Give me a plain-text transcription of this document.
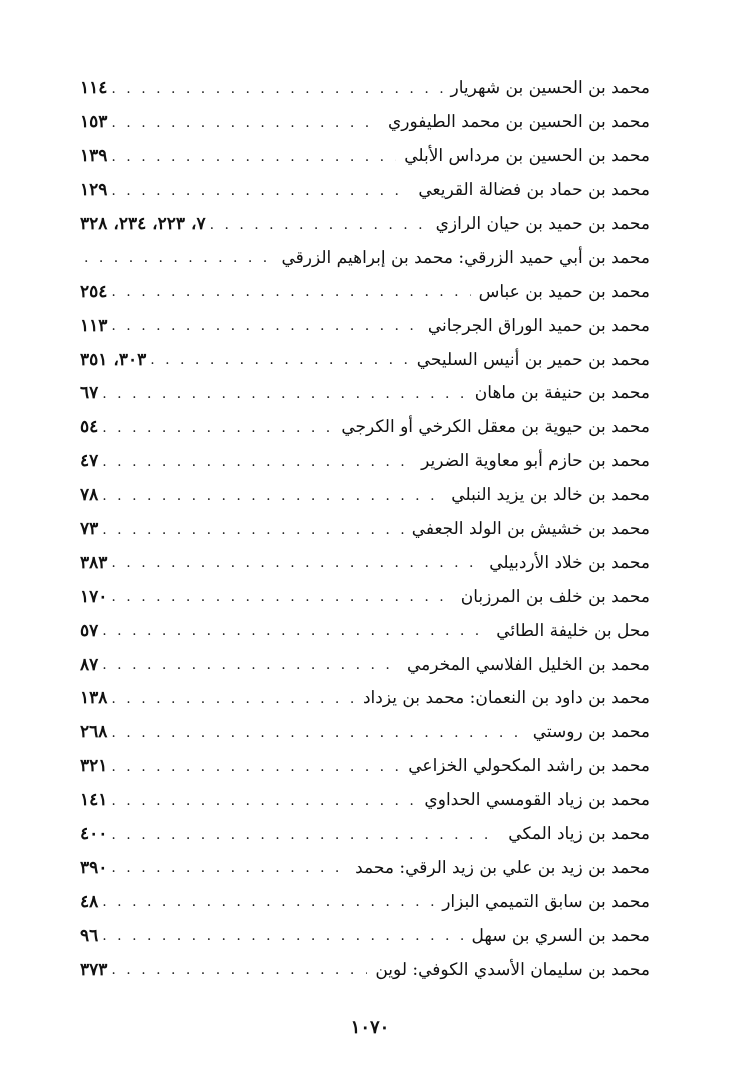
محمد بن الحسين بن شهريار
. . .
١١٤
محمد بن الحسين بن محمد الطيفوري
. . .
١٥٣
محمد بن الحسين بن مرداس الأبلي
. . .
١٣٩
محمد بن حماد بن فضالة القريعي
. . .
١٢٩
محمد بن حميد بن حيان الرازي
. . .
٧، ٢٢٣، ٢٣٤، ٣٢٨
محمد بن أبي حميد الزرقي: محمد بن إبراهيم الزرقي
. . .
محمد بن حميد بن عباس
. . .
٢٥٤
محمد بن حميد الوراق الجرجاني
. . .
١١٣
محمد بن حمير بن أنيس السليحي
. . .
٣٠٣، ٣٥١
محمد بن حنيفة بن ماهان
. . .
٦٧
محمد بن حيوية بن معقل الكرخي أو الكرجي
. . .
٥٤
محمد بن حازم أبو معاوية الضرير
. . .
٤٧
محمد بن خالد بن يزيد النبلي
. . .
٧٨
محمد بن خشيش بن الولد الجعفي
. . .
٧٣
محمد بن خلاد الأردبيلي
. . .
٣٨٣
محمد بن خلف بن المرزبان
. . .
١٧٠
محل بن خليفة الطائي
. . .
٥٧
محمد بن الخليل الفلاسي المخرمي
. . .
٨٧
محمد بن داود بن النعمان: محمد بن يزداد
. . .
١٣٨
محمد بن روستي
. . .
٢٦٨
محمد بن راشد المكحولي الخزاعي
. . .
٣٢١
محمد بن زياد القومسي الحداوي
. . .
١٤١
محمد بن زياد المكي
. . .
٤٠٠
محمد بن زيد بن علي بن زيد الرقي: محمد
. . .
٣٩٠
محمد بن سابق التميمي البزار
. . .
٤٨
محمد بن السري بن سهل
. . .
٩٦
محمد بن سليمان الأسدي الكوفي: لوين
. . .
٣٧٣
١٠٧٠
